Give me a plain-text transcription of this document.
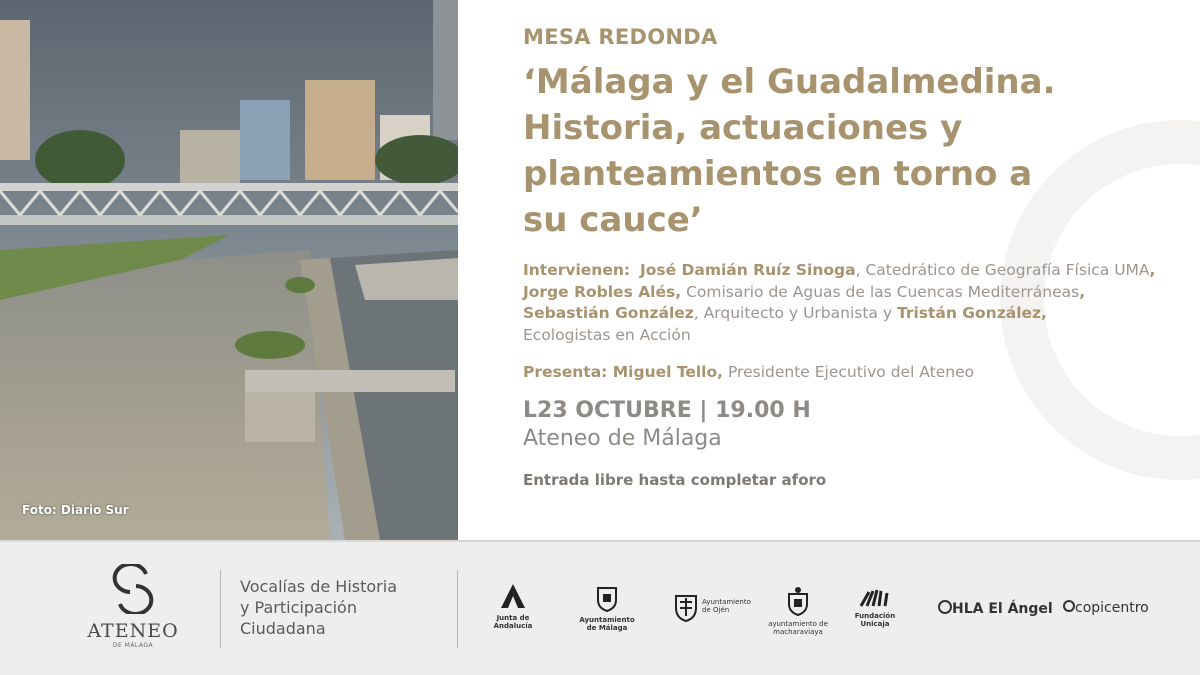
Foto: Diario Sur
MESA REDONDA
‘Málaga y el Guadalmedina.
Historia, actuaciones y
planteamientos en torno a
su cauce’
Intervienen: José Damián Ruíz Sinoga, Catedrático de Geografía Física UMA,
Jorge Robles Alés, Comisario de Aguas de las Cuencas Mediterráneas,
Sebastián González, Arquitecto y Urbanista y Tristán González,
Ecologistas en Acción
Presenta: Miguel Tello, Presidente Ejecutivo del Ateneo
L23 OCTUBRE | 19.00 H
Ateneo de Málaga
Entrada libre hasta completar aforo
ATENEO
DE MÁLAGA
Vocalías de Historia
y Participación
Ciudadana
Junta de Andalucía
Ayuntamiento
de Málaga
Ayuntamiento
de Ojén
ayuntamiento de
macharaviaya
Fundación
Unicaja
HLA El Ángel	copicentro
